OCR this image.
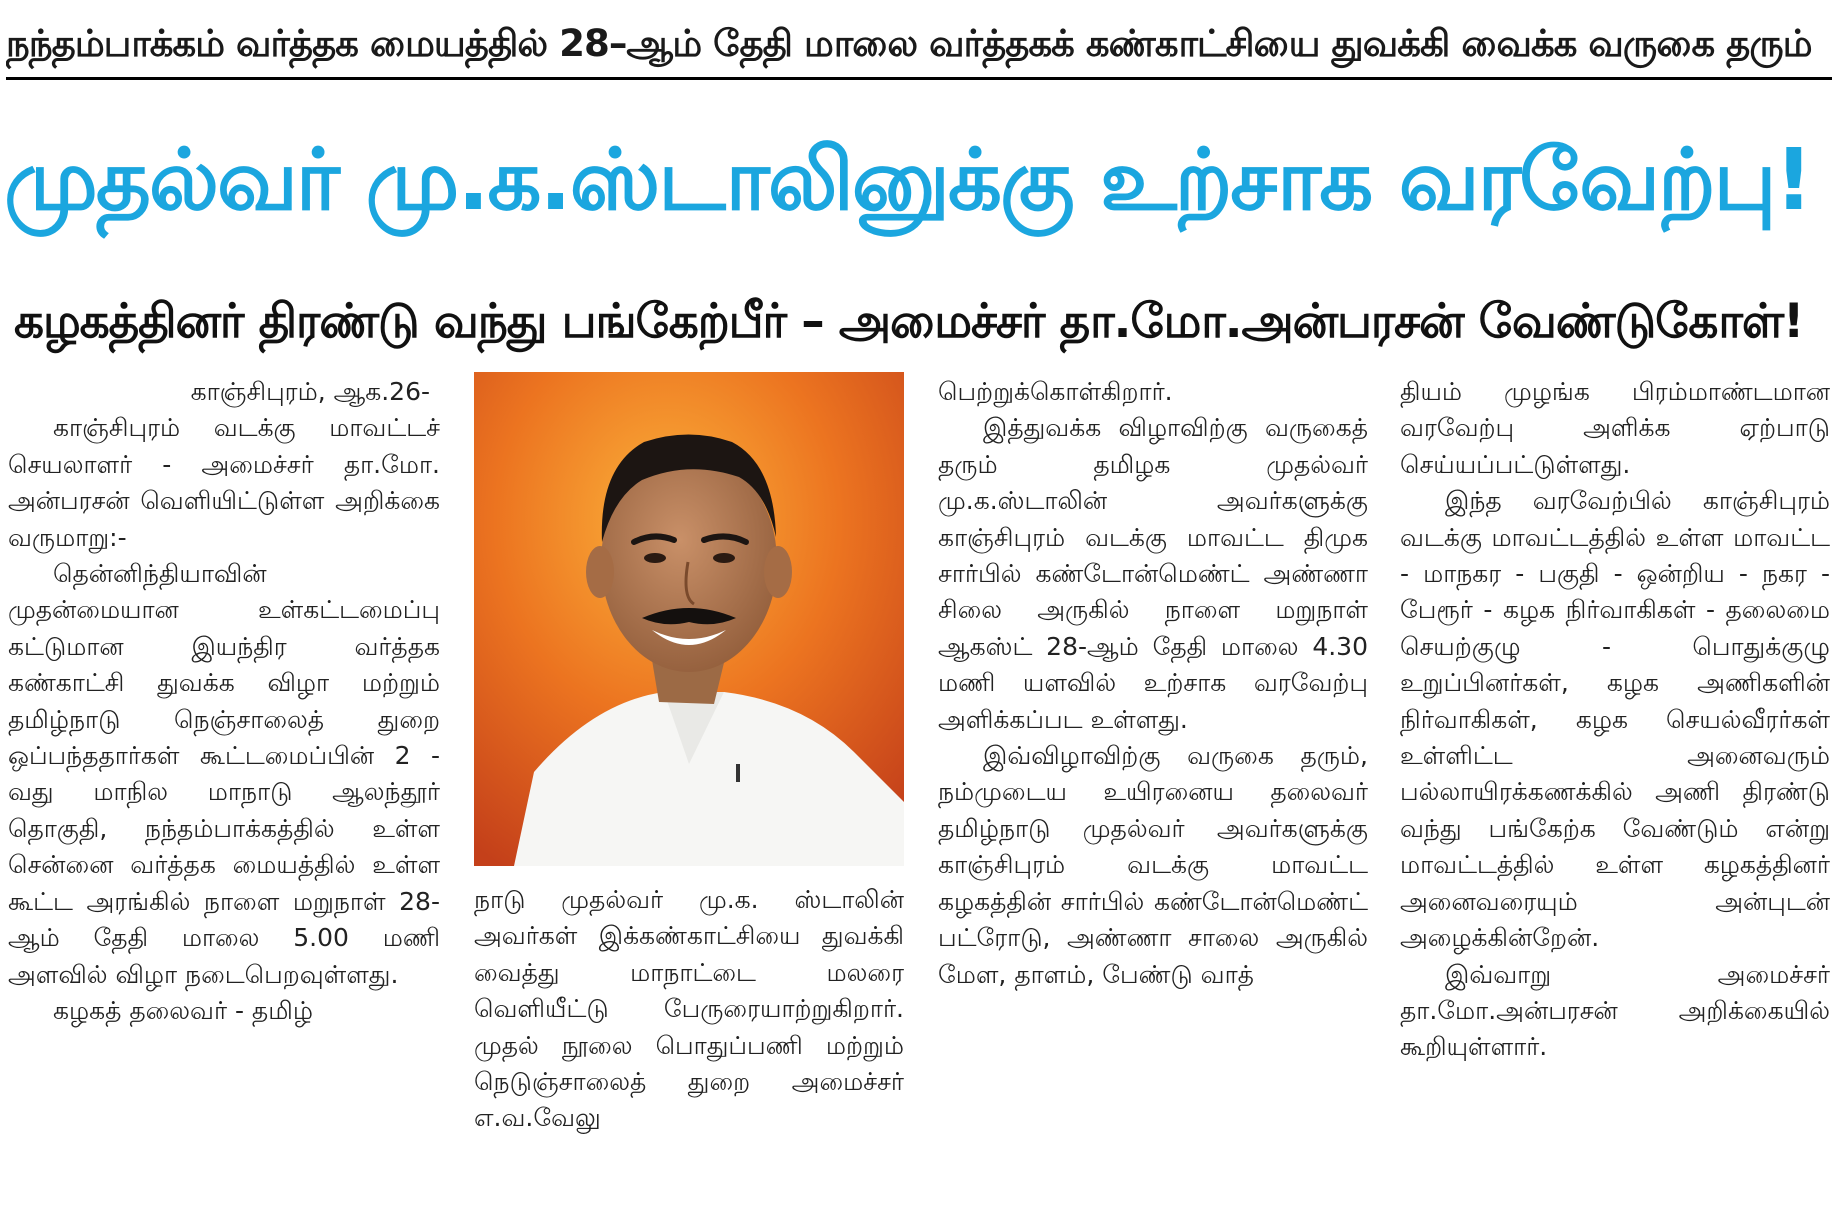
நந்தம்பாக்கம் வர்த்தக மையத்தில் 28–ஆம் தேதி மாலை வர்த்தகக் கண்காட்சியை துவக்கி வைக்க வருகை தரும்
முதல்வர் மு.க.ஸ்டாலினுக்கு உற்சாக வரவேற்பு!
கழகத்தினர் திரண்டு வந்து பங்கேற்பீர் – அமைச்சர் தா.மோ.அன்பரசன் வேண்டுகோள்!

காஞ்சிபுரம், ஆக.26-

காஞ்சிபுரம் வடக்கு மாவட்டச் செயலாளர் - அமைச்சர் தா.மோ. அன்பரசன் வெளியிட்டுள்ள அறிக்கை வருமாறு:-

தென்னிந்தியாவின் முதன்மையான உள்கட்டமைப்பு கட்டுமான இயந்திர வர்த்தக கண்காட்சி துவக்க விழா மற்றும் தமிழ்நாடு நெஞ்சாலைத் துறை ஒப்பந்ததார்கள் கூட்டமைப்பின் 2 - வது மாநில மாநாடு ஆலந்தூர் தொகுதி, நந்தம்பாக்கத்தில் உள்ள சென்னை வர்த்தக மையத்தில் உள்ள கூட்ட அரங்கில் நாளை மறுநாள் 28-ஆம் தேதி மாலை 5.00 மணி அளவில் விழா நடைபெறவுள்ளது.

கழகத் தலைவர் - தமிழ்

நாடு முதல்வர் மு.க. ஸ்டாலின் அவர்கள் இக்கண்காட்சியை துவக்கி வைத்து மாநாட்டை மலரை வெளியீட்டு பேருரையாற்றுகிறார். முதல் நூலை பொதுப்பணி மற்றும் நெடுஞ்சாலைத் துறை அமைச்சர் எ.வ.வேலு

பெற்றுக்கொள்கிறார்.

இத்துவக்க விழாவிற்கு வருகைத் தரும் தமிழக முதல்வர் மு.க.ஸ்டாலின் அவர்களுக்கு காஞ்சிபுரம் வடக்கு மாவட்ட திமுக சார்பில் கண்டோன்மெண்ட் அண்ணா சிலை அருகில் நாளை மறுநாள் ஆகஸ்ட் 28-ஆம் தேதி மாலை 4.30 மணி யளவில் உற்சாக வரவேற்பு அளிக்கப்பட உள்ளது.

இவ்விழாவிற்கு வருகை தரும், நம்முடைய உயிரனைய தலைவர் தமிழ்நாடு முதல்வர் அவர்களுக்கு காஞ்சிபுரம் வடக்கு மாவட்ட கழகத்தின் சார்பில் கண்டோன்மெண்ட் பட்ரோடு, அண்ணா சாலை அருகில் மேள, தாளம், பேண்டு வாத்

தியம் முழங்க பிரம்மாண்டமான வரவேற்பு அளிக்க ஏற்பாடு செய்யப்பட்டுள்ளது.

இந்த வரவேற்பில் காஞ்சிபுரம் வடக்கு மாவட்டத்தில் உள்ள மாவட்ட - மாநகர - பகுதி - ஒன்றிய - நகர - பேரூர் - கழக நிர்வாகிகள் - தலைமை செயற்குழு - பொதுக்குழு உறுப்பினர்கள், கழக அணிகளின் நிர்வாகிகள், கழக செயல்வீரர்கள் உள்ளிட்ட அனைவரும் பல்லாயிரக்கணக்கில் அணி திரண்டு வந்து பங்கேற்க வேண்டும் என்று மாவட்டத்தில் உள்ள கழகத்தினர் அனைவரையும் அன்புடன் அழைக்கின்றேன்.

இவ்வாறு அமைச்சர் தா.மோ.அன்பரசன் அறிக்கையில் கூறியுள்ளார்.
